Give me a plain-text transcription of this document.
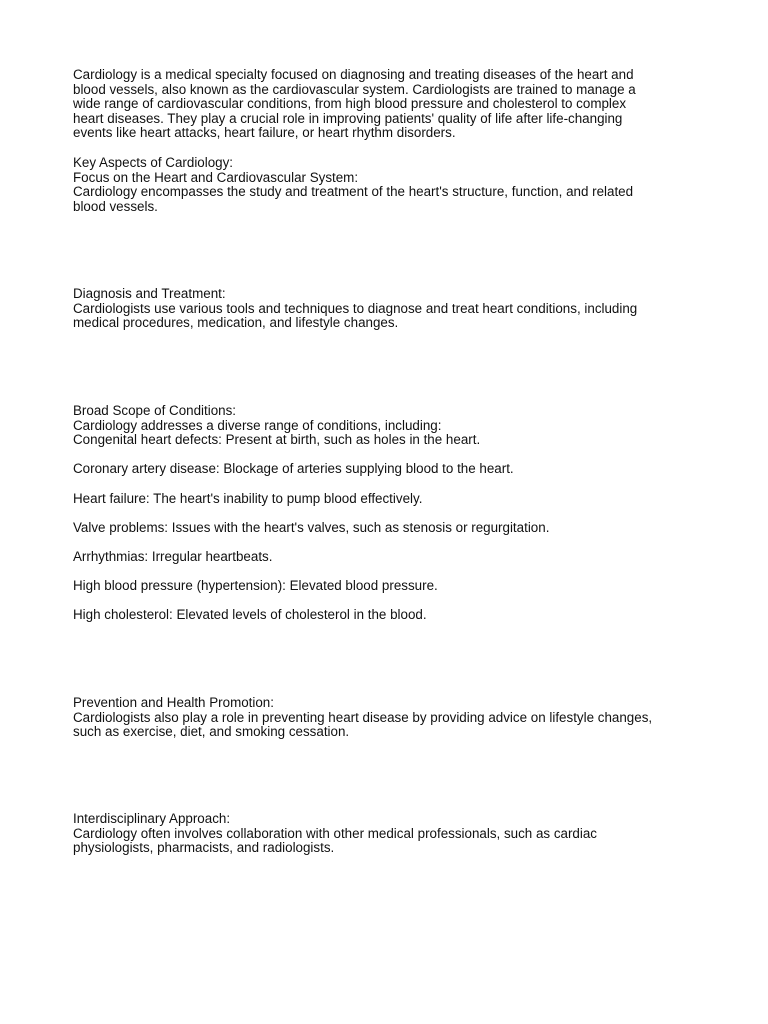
Cardiology is a medical specialty focused on diagnosing and treating diseases of the heart and

blood vessels, also known as the cardiovascular system. Cardiologists are trained to manage a

wide range of cardiovascular conditions, from high blood pressure and cholesterol to complex

heart diseases. They play a crucial role in improving patients' quality of life after life-changing

events like heart attacks, heart failure, or heart rhythm disorders.

Key Aspects of Cardiology:

Focus on the Heart and Cardiovascular System:

Cardiology encompasses the study and treatment of the heart's structure, function, and related

blood vessels.

Diagnosis and Treatment:

Cardiologists use various tools and techniques to diagnose and treat heart conditions, including

medical procedures, medication, and lifestyle changes.

Broad Scope of Conditions:

Cardiology addresses a diverse range of conditions, including:

Congenital heart defects: Present at birth, such as holes in the heart.

Coronary artery disease: Blockage of arteries supplying blood to the heart.

Heart failure: The heart's inability to pump blood effectively.

Valve problems: Issues with the heart's valves, such as stenosis or regurgitation.

Arrhythmias: Irregular heartbeats.

High blood pressure (hypertension): Elevated blood pressure.

High cholesterol: Elevated levels of cholesterol in the blood.

Prevention and Health Promotion:

Cardiologists also play a role in preventing heart disease by providing advice on lifestyle changes,

such as exercise, diet, and smoking cessation.

Interdisciplinary Approach:

Cardiology often involves collaboration with other medical professionals, such as cardiac

physiologists, pharmacists, and radiologists.
